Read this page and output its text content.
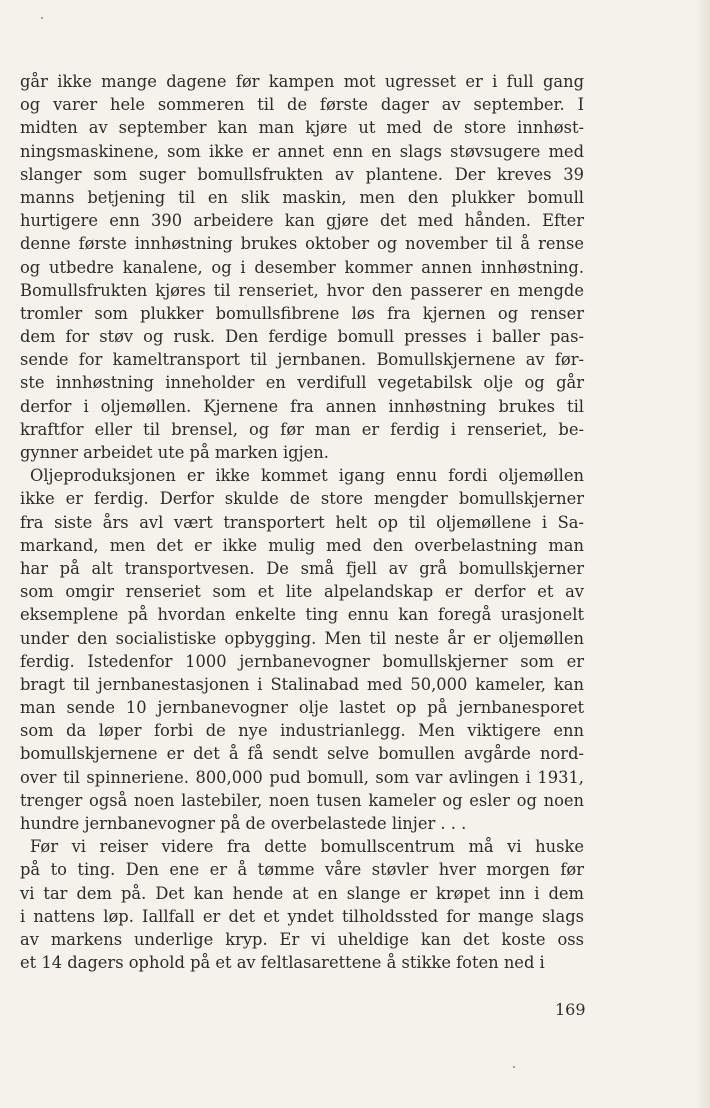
går ikke mange dagene før kampen mot ugresset er i full gang
og varer hele sommeren til de første dager av september. I
midten av september kan man kjøre ut med de store innhøst-
ningsmaskinene, som ikke er annet enn en slags støvsugere med
slanger som suger bomullsfrukten av plantene. Der kreves 39
manns betjening til en slik maskin, men den plukker bomull
hurtigere enn 390 arbeidere kan gjøre det med hånden. Efter
denne første innhøstning brukes oktober og november til å rense
og utbedre kanalene, og i desember kommer annen innhøstning.
Bomullsfrukten kjøres til renseriet, hvor den passerer en mengde
tromler som plukker bomullsfibrene løs fra kjernen og renser
dem for støv og rusk. Den ferdige bomull presses i baller pas-
sende for kameltransport til jernbanen. Bomullskjernene av før-
ste innhøstning inneholder en verdifull vegetabilsk olje og går
derfor i oljemøllen. Kjernene fra annen innhøstning brukes til
kraftfor eller til brensel, og før man er ferdig i renseriet, be-
gynner arbeidet ute på marken igjen.
Oljeproduksjonen er ikke kommet igang ennu fordi oljemøllen
ikke er ferdig. Derfor skulde de store mengder bomullskjerner
fra siste års avl vært transportert helt op til oljemøllene i Sa-
markand, men det er ikke mulig med den overbelastning man
har på alt transportvesen. De små fjell av grå bomullskjerner
som omgir renseriet som et lite alpelandskap er derfor et av
eksemplene på hvordan enkelte ting ennu kan foregå urasjonelt
under den socialistiske opbygging. Men til neste år er oljemøllen
ferdig. Istedenfor 1000 jernbanevogner bomullskjerner som er
bragt til jernbanestasjonen i Stalinabad med 50,000 kameler, kan
man sende 10 jernbanevogner olje lastet op på jernbanesporet
som da løper forbi de nye industrianlegg. Men viktigere enn
bomullskjernene er det å få sendt selve bomullen avgårde nord-
over til spinneriene. 800,000 pud bomull, som var avlingen i 1931,
trenger også noen lastebiler, noen tusen kameler og esler og noen
hundre jernbanevogner på de overbelastede linjer . . .
Før vi reiser videre fra dette bomullscentrum må vi huske
på to ting. Den ene er å tømme våre støvler hver morgen før
vi tar dem på. Det kan hende at en slange er krøpet inn i dem
i nattens løp. Iallfall er det et yndet tilholdssted for mange slags
av markens underlige kryp. Er vi uheldige kan det koste oss
et 14 dagers ophold på et av feltlasarettene å stikke foten ned i
169
